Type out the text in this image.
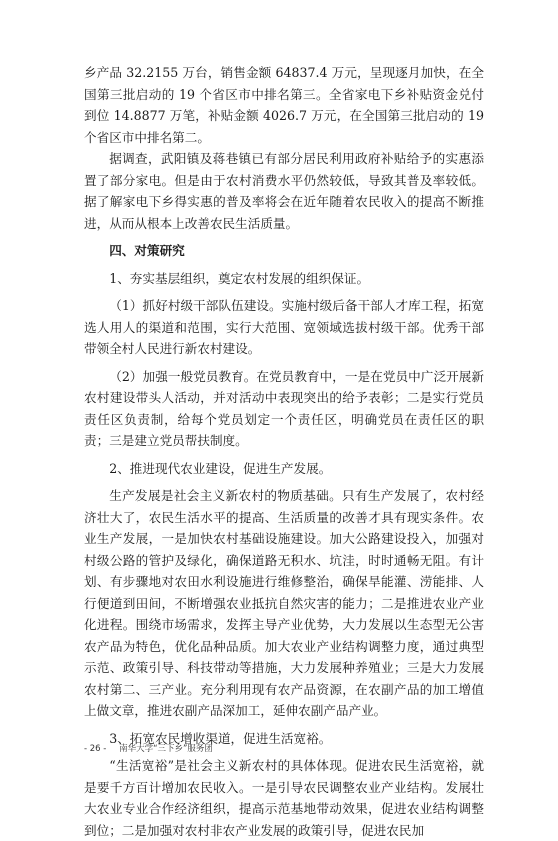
乡产品 32.2155 万台，销售金额 64837.4 万元，呈现逐月加快，在全国第三批启动的 19 个省区市中排名第三。全省家电下乡补贴资金兑付到位 14.8877 万笔，补贴金额 4026.7 万元，在全国第三批启动的 19 个省区市中排名第二。

据调查，武阳镇及蒋巷镇已有部分居民利用政府补贴给予的实惠添置了部分家电。但是由于农村消费水平仍然较低，导致其普及率较低。据了解家电下乡得实惠的普及率将会在近年随着农民收入的提高不断推进，从而从根本上改善农民生活质量。

四、对策研究

1、夯实基层组织，奠定农村发展的组织保证。

（1）抓好村级干部队伍建设。实施村级后备干部人才库工程，拓宽选人用人的渠道和范围，实行大范围、宽领域选拔村级干部。优秀干部带领全村人民进行新农村建设。

（2）加强一般党员教育。在党员教育中，一是在党员中广泛开展新农村建设带头人活动，并对活动中表现突出的给予表彰；二是实行党员责任区负责制，给每个党员划定一个责任区，明确党员在责任区的职责；三是建立党员帮扶制度。

2、推进现代农业建设，促进生产发展。

生产发展是社会主义新农村的物质基础。只有生产发展了，农村经济壮大了，农民生活水平的提高、生活质量的改善才具有现实条件。农业生产发展，一是加快农村基础设施建设。加大公路建设投入，加强对村级公路的管护及绿化，确保道路无积水、坑洼，时时通畅无阻。有计划、有步骤地对农田水利设施进行维修整治，确保旱能灌、涝能排、人行便道到田间，不断增强农业抵抗自然灾害的能力；二是推进农业产业化进程。围绕市场需求，发挥主导产业优势，大力发展以生态型无公害农产品为特色，优化品种品质。加大农业产业结构调整力度，通过典型示范、政策引导、科技带动等措施，大力发展种养殖业；三是大力发展农村第二、三产业。充分利用现有农产品资源，在农副产品的加工增值上做文章，推进农副产品深加工，延伸农副产品产业。

3、拓宽农民增收渠道，促进生活宽裕。

“生活宽裕”是社会主义新农村的具体体现。促进农民生活宽裕，就是要千方百计增加农民收入。一是引导农民调整农业产业结构。发展壮大农业专业合作经济组织，提高示范基地带动效果，促进农业结构调整到位；二是加强对农村非农产业发展的政策引导，促进农民加

- 26 - 南华大学“三下乡”服务团
